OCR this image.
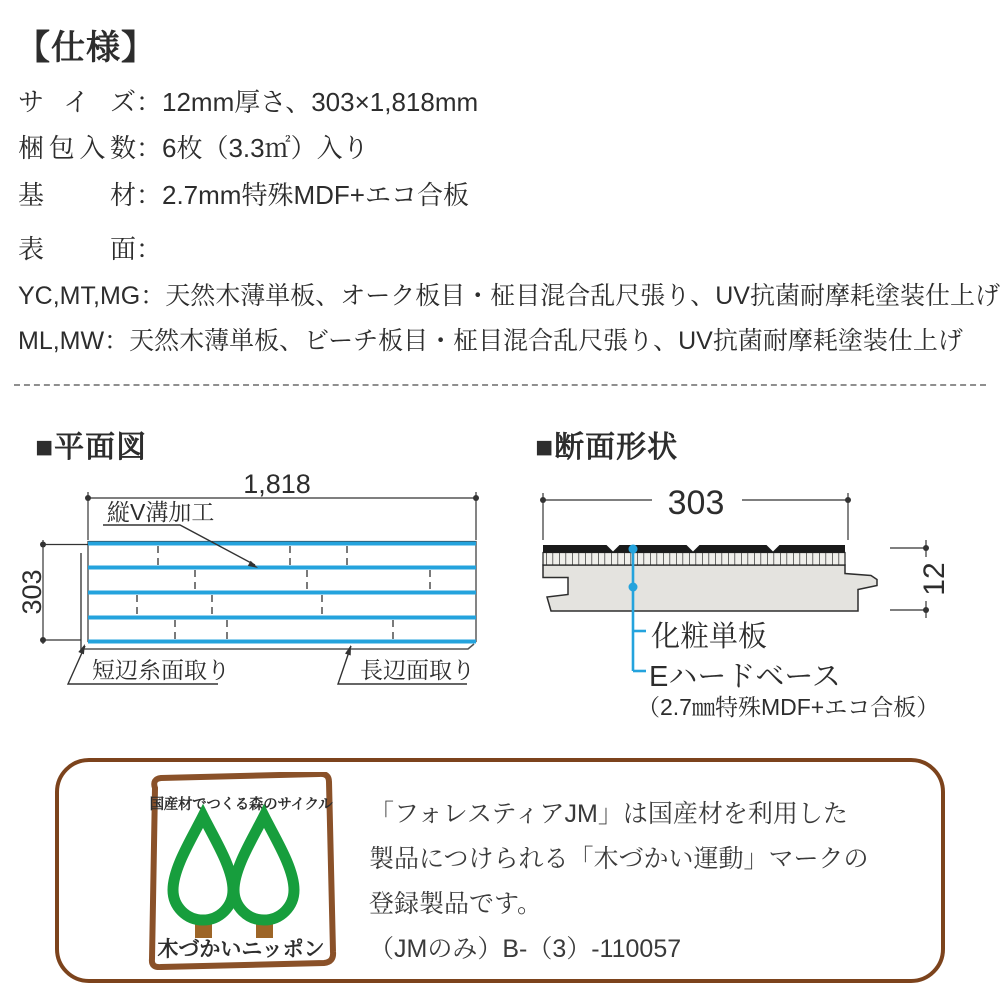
【仕様】
サイズ：12mm厚さ、303×1,818mm
梱包入数：6枚（3.3㎡）入り
基材：2.7mm特殊MDF+エコ合板
表面：
YC,MT,MG：天然木薄単板、オーク板目・柾目混合乱尺張り、UV抗菌耐摩耗塗装仕上げ
ML,MW：天然木薄単板、ビーチ板目・柾目混合乱尺張り、UV抗菌耐摩耗塗装仕上げ
■平面図
1,818
縦V溝加工
303
短辺糸面取り	長辺面取り
■断面形状
303
12
化粧単板
Eハードベース
（2.7㎜特殊MDF+エコ合板）
国産材でつくる森のサイクル
木づかいニッポン
「フォレスティアJM」は国産材を利用した
製品につけられる「木づかい運動」マークの
登録製品です。
（JMのみ）B-（3）-110057
